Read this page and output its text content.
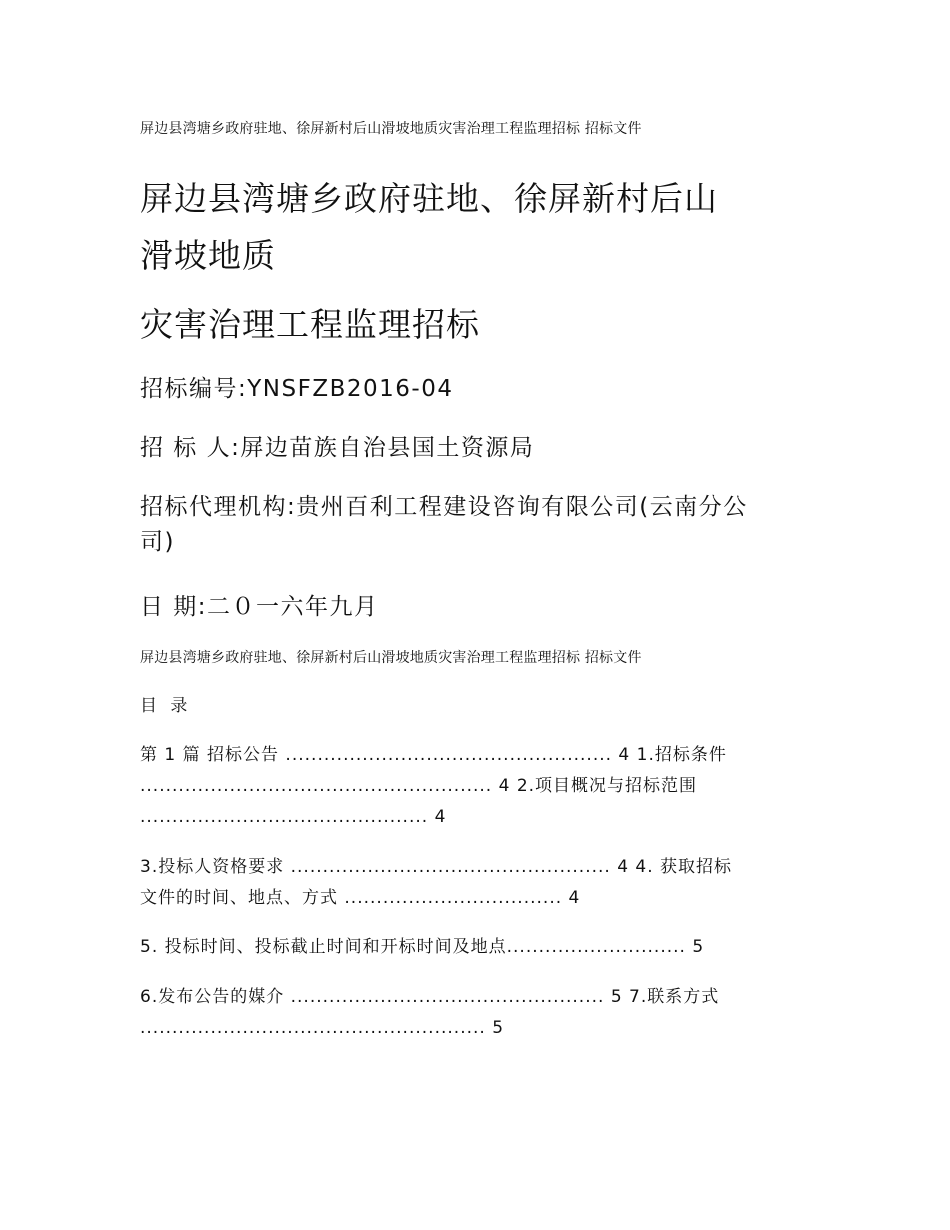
屏边县湾塘乡政府驻地、徐屏新村后山滑坡地质灾害治理工程监理招标 招标文件
屏边县湾塘乡政府驻地、徐屏新村后山
滑坡地质
灾害治理工程监理招标
招标编号:YNSFZB2016-04
招 标 人:屏边苗族自治县国土资源局
招标代理机构:贵州百利工程建设咨询有限公司(云南分公
司)
日 期:二０一六年九月
屏边县湾塘乡政府驻地、徐屏新村后山滑坡地质灾害治理工程监理招标 招标文件
目 录
第 1 篇 招标公告 ................................................... 4 1.招标条件
....................................................... 4 2.项目概况与招标范围
............................................. 4
3.投标人资格要求 .................................................. 4 4. 获取招标
文件的时间、地点、方式 .................................. 4
5. 投标时间、投标截止时间和开标时间及地点............................ 5
6.发布公告的媒介 ................................................. 5 7.联系方式
...................................................... 5
